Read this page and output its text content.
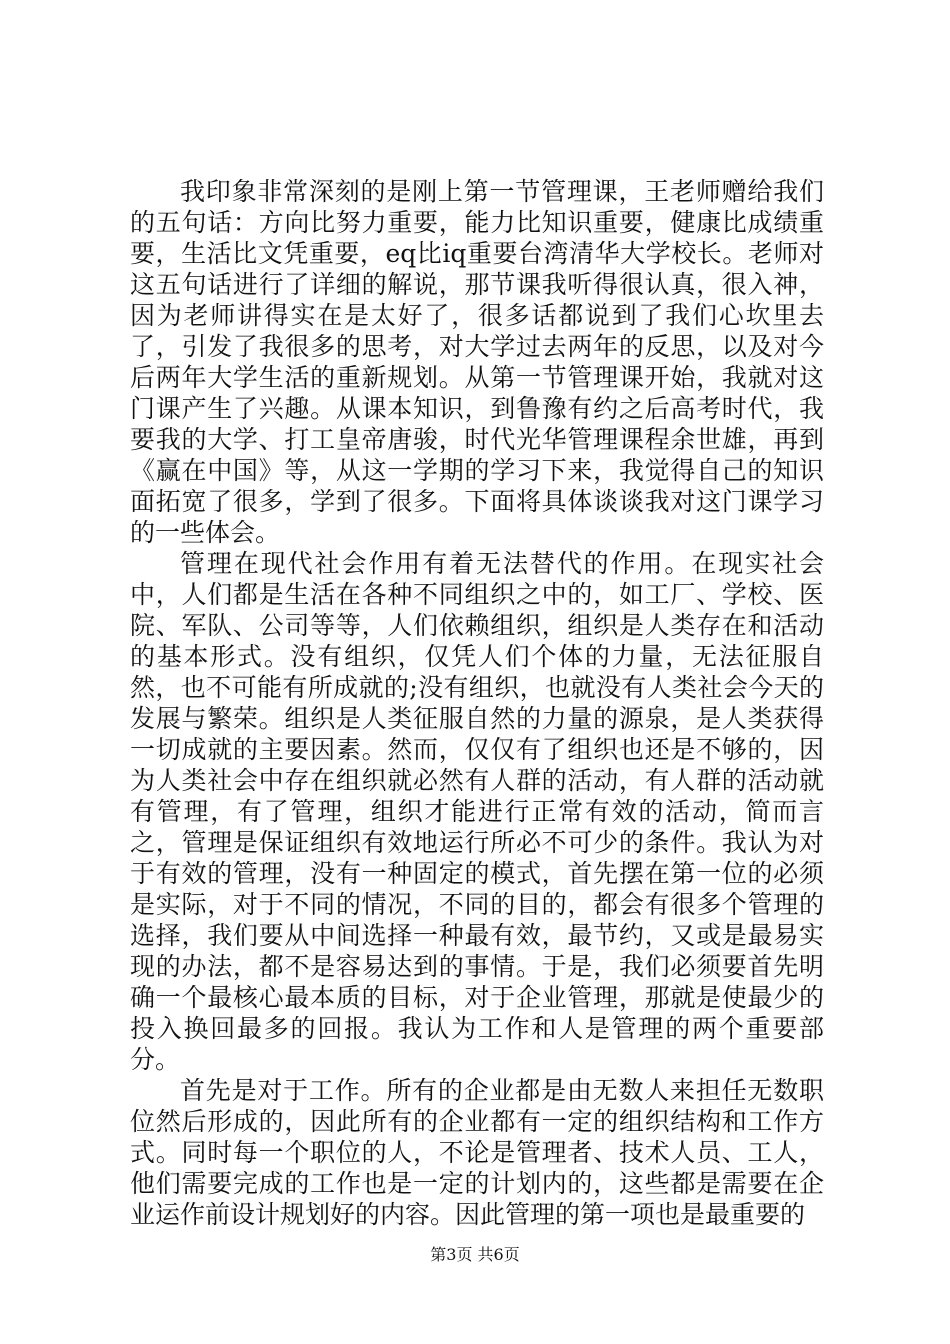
我印象非常深刻的是刚上第一节管理课，王老师赠给我们的五句话：方向比努力重要，能力比知识重要，健康比成绩重要，生活比文凭重要，eq比iq重要台湾清华大学校长。老师对这五句话进行了详细的解说，那节课我听得很认真，很入神，因为老师讲得实在是太好了，很多话都说到了我们心坎里去了，引发了我很多的思考，对大学过去两年的反思，以及对今后两年大学生活的重新规划。从第一节管理课开始，我就对这门课产生了兴趣。从课本知识，到鲁豫有约之后高考时代，我要我的大学、打工皇帝唐骏，时代光华管理课程余世雄，再到《赢在中国》等，从这一学期的学习下来，我觉得自己的知识面拓宽了很多，学到了很多。下面将具体谈谈我对这门课学习的一些体会。

管理在现代社会作用有着无法替代的作用。在现实社会中，人们都是生活在各种不同组织之中的，如工厂、学校、医院、军队、公司等等，人们依赖组织，组织是人类存在和活动的基本形式。没有组织，仅凭人们个体的力量，无法征服自然，也不可能有所成就的;没有组织，也就没有人类社会今天的发展与繁荣。组织是人类征服自然的力量的源泉，是人类获得一切成就的主要因素。然而，仅仅有了组织也还是不够的，因为人类社会中存在组织就必然有人群的活动，有人群的活动就有管理，有了管理，组织才能进行正常有效的活动，简而言之，管理是保证组织有效地运行所必不可少的条件。我认为对于有效的管理，没有一种固定的模式，首先摆在第一位的必须是实际，对于不同的情况，不同的目的，都会有很多个管理的选择，我们要从中间选择一种最有效，最节约，又或是最易实现的办法，都不是容易达到的事情。于是，我们必须要首先明确一个最核心最本质的目标，对于企业管理，那就是使最少的投入换回最多的回报。我认为工作和人是管理的两个重要部分。

首先是对于工作。所有的企业都是由无数人来担任无数职位然后形成的，因此所有的企业都有一定的组织结构和工作方式。同时每一个职位的人，不论是管理者、技术人员、工人，他们需要完成的工作也是一定的计划内的，这些都是需要在企业运作前设计规划好的内容。因此管理的第一项也是最重要的

第3页 共6页
